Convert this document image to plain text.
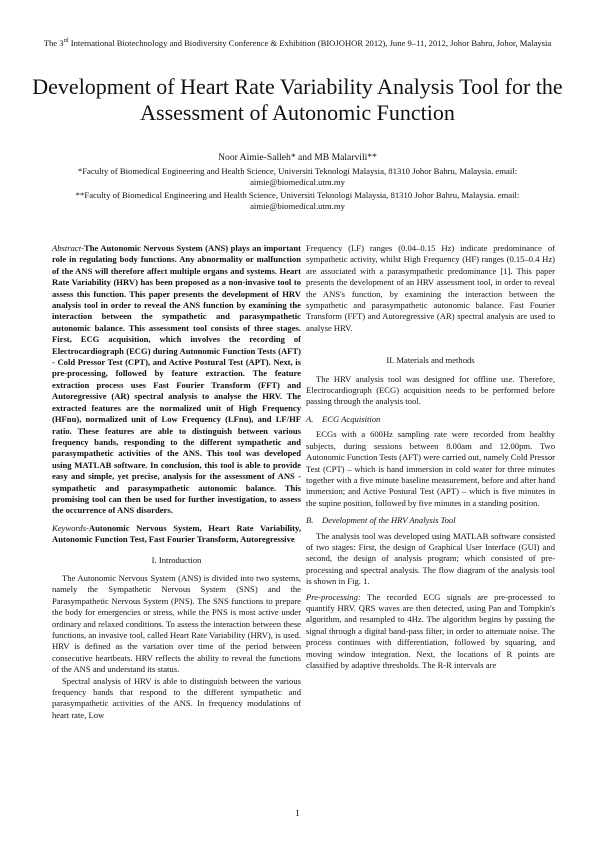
The 3rd International Biotechnology and Biodiversity Conference & Exhibition (BIOJOHOR 2012), June 9–11, 2012, Johor Bahru, Johor, Malaysia
Development of Heart Rate Variability Analysis Tool for the Assessment of Autonomic Function
Noor Aimie-Salleh* and MB Malarvili**
*Faculty of Biomedical Engineering and Health Science, Universiti Teknologi Malaysia, 81310 Johor Bahru, Malaysia. email: aimie@biomedical.utm.my
**Faculty of Biomedical Engineering and Health Science, Universiti Teknologi Malaysia, 81310 Johor Bahru, Malaysia. email: aimie@biomedical.utm.my

Abstract-The Autonomic Nervous System (ANS) plays an important role in regulating body functions. Any abnormality or malfunction of the ANS will therefore affect multiple organs and systems. Heart Rate Variability (HRV) has been proposed as a non-invasive tool to assess this function. This paper presents the development of HRV analysis tool in order to reveal the ANS function by examining the interaction between the sympathetic and parasympathetic autonomic balance. This assessment tool consists of three stages. First, ECG acquisition, which involves the recording of Electrocardiograph (ECG) during Autonomic Function Tests (AFT) - Cold Pressor Test (CPT), and Active Postural Test (APT). Next, is pre-processing, followed by feature extraction. The feature extraction process uses Fast Fourier Transform (FFT) and Autoregressive (AR) spectral analysis to analyse the HRV. The extracted features are the normalized unit of High Frequency (HFnu), normalized unit of Low Frequency (LFnu), and LF/HF ratio. These features are able to distinguish between various frequency bands, responding to the different sympathetic and parasympathetic activities of the ANS. This tool was developed using MATLAB software. In conclusion, this tool is able to provide easy and simple, yet precise, analysis for the assessment of ANS - sympathetic and parasympathetic autonomic balance. This promising tool can then be used for further investigation, to assess the occurrence of ANS disorders.

Keywords-Autonomic Nervous System, Heart Rate Variability, Autonomic Function Test, Fast Fourier Transform, Autoregressive

I. Introduction

The Autonomic Nervous System (ANS) is divided into two systems, namely the Sympathetic Nervous System (SNS) and the Parasympathetic Nervous System (PNS). The SNS functions to prepare the body for emergencies or stress, while the PNS is most active under ordinary and relaxed conditions. To assess the interaction between these functions, an invasive tool, called Heart Rate Variability (HRV), is used. HRV is defined as the variation over time of the period between consecutive heartbeats. HRV reflects the ability to reveal the functions of the ANS and understand its status.

Spectral analysis of HRV is able to distinguish between the various frequency bands that respond to the different sympathetic and parasympathetic activities of the ANS. In frequency modulations of heart rate, Low

Frequency (LF) ranges (0.04–0.15 Hz) indicate predominance of sympathetic activity, whilst High Frequency (HF) ranges (0.15–0.4 Hz) are associated with a parasympathetic predominance [1]. This paper presents the development of an HRV assessment tool, in order to reveal the ANS's function, by examining the interaction between the sympathetic and parasympathetic autonomic balance. Fast Fourier Transform (FFT) and Autoregressive (AR) spectral analysis are used to analyse HRV.

II. Materials and methods

The HRV analysis tool was designed for offline use. Therefore, Electrocardiograph (ECG) acquisition needs to be performed before passing through the analysis tool.

A. ECG Acquisition

ECGs with a 600Hz sampling rate were recorded from healthy subjects, during sessions between 8.00am and 12.00pm. Two Autonomic Function Tests (AFT) were carried out, namely Cold Pressor Test (CPT) – which is hand immersion in cold water for three minutes together with a five minute baseline measurement, before and after hand immersion; and Active Postural Test (APT) – which is five minutes in the supine position, followed by five minutes in a standing position.

B. Development of the HRV Analysis Tool

The analysis tool was developed using MATLAB software consisted of two stages: First, the design of Graphical User Interface (GUI) and second, the design of analysis program; which consisted of pre-processing and spectral analysis. The flow diagram of the analysis tool is shown in Fig. 1.

Pre-processing: The recorded ECG signals are pre-processed to quantify HRV. QRS waves are then detected, using Pan and Tompkin's algorithm, and resampled to 4Hz. The algorithm begins by passing the signal through a digital band-pass filter, in order to attenuate noise. The process continues with differentiation, followed by squaring, and moving window integration. Next, the locations of R points are classified by adaptive thresholds. The R-R intervals are

1
